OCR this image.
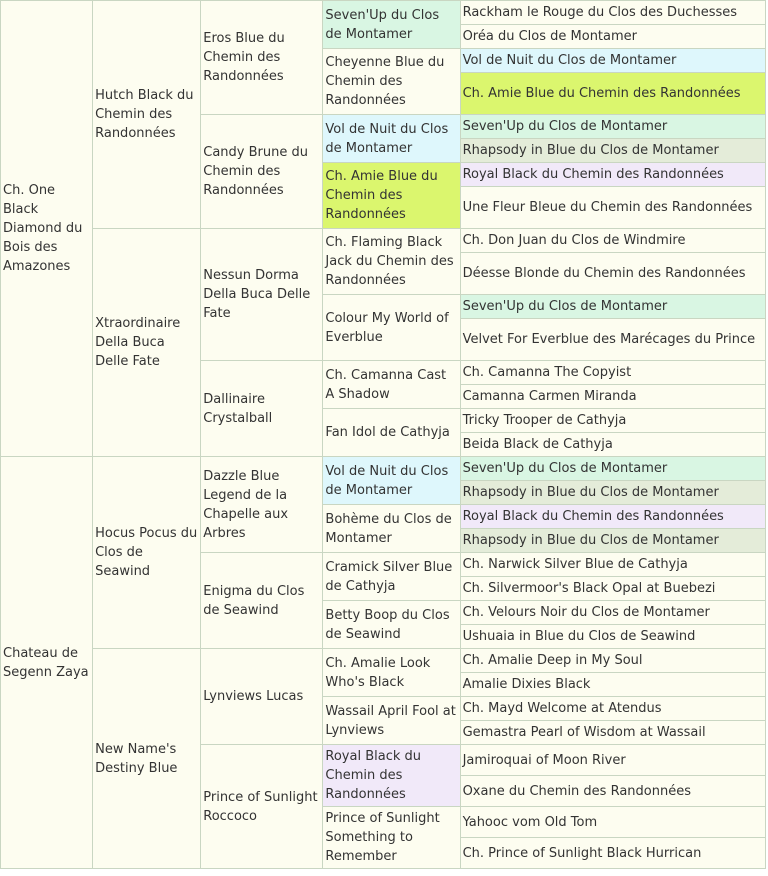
Ch. One Black Diamond du Bois des Amazones	Hutch Black du Chemin des Randonnées	Eros Blue du Chemin des Randonnées	Seven'Up du Clos de Montamer	Rackham le Rouge du Clos des Duchesses
				Oréa du Clos de Montamer
			Cheyenne Blue du Chemin des Randonnées	Vol de Nuit du Clos de Montamer
				Ch. Amie Blue du Chemin des Randonnées
		Candy Brune du Chemin des Randonnées	Vol de Nuit du Clos de Montamer	Seven'Up du Clos de Montamer
				Rhapsody in Blue du Clos de Montamer
			Ch. Amie Blue du Chemin des Randonnées	Royal Black du Chemin des Randonnées
				Une Fleur Bleue du Chemin des Randonnées
	Xtraordinaire Della Buca Delle Fate	Nessun Dorma Della Buca Delle Fate	Ch. Flaming Black Jack du Chemin des Randonnées	Ch. Don Juan du Clos de Windmire
				Déesse Blonde du Chemin des Randonnées
			Colour My World of Everblue	Seven'Up du Clos de Montamer
				Velvet For Everblue des Marécages du Prince
		Dallinaire Crystalball	Ch. Camanna Cast A Shadow	Ch. Camanna The Copyist
				Camanna Carmen Miranda
			Fan Idol de Cathyja	Tricky Trooper de Cathyja
				Beida Black de Cathyja
Chateau de Segenn Zaya	Hocus Pocus du Clos de Seawind	Dazzle Blue Legend de la Chapelle aux Arbres	Vol de Nuit du Clos de Montamer	Seven'Up du Clos de Montamer
				Rhapsody in Blue du Clos de Montamer
			Bohème du Clos de Montamer	Royal Black du Chemin des Randonnées
				Rhapsody in Blue du Clos de Montamer
		Enigma du Clos de Seawind	Cramick Silver Blue de Cathyja	Ch. Narwick Silver Blue de Cathyja
				Ch. Silvermoor's Black Opal at Buebezi
			Betty Boop du Clos de Seawind	Ch. Velours Noir du Clos de Montamer
				Ushuaia in Blue du Clos de Seawind
	New Name's Destiny Blue	Lynviews Lucas	Ch. Amalie Look Who's Black	Ch. Amalie Deep in My Soul
				Amalie Dixies Black
			Wassail April Fool at Lynviews	Ch. Mayd Welcome at Atendus
				Gemastra Pearl of Wisdom at Wassail
		Prince of Sunlight Roccoco	Royal Black du Chemin des Randonnées	Jamiroquai of Moon River
				Oxane du Chemin des Randonnées
			Prince of Sunlight Something to Remember	Yahooc vom Old Tom
				Ch. Prince of Sunlight Black Hurrican
